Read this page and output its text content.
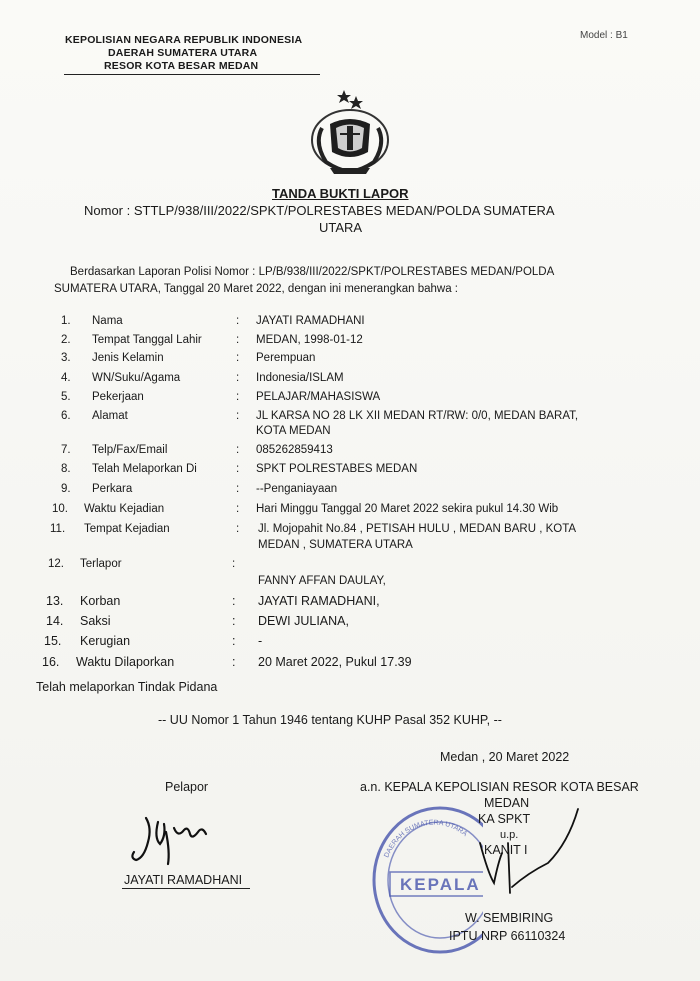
KEPOLISIAN NEGARA REPUBLIK INDONESIA
DAERAH SUMATERA UTARA
RESOR KOTA BESAR MEDAN
Model : B1
TANDA BUKTI LAPOR
Nomor : STTLP/938/III/2022/SPKT/POLRESTABES MEDAN/POLDA SUMATERA
UTARA
Berdasarkan Laporan Polisi Nomor : LP/B/938/III/2022/SPKT/POLRESTABES MEDAN/POLDA
SUMATERA UTARA, Tanggal 20 Maret 2022, dengan ini menerangkan bahwa :
1. Nama	: JAYATI RAMADHANI
2. Tempat Tanggal Lahir	: MEDAN, 1998-01-12
3. Jenis Kelamin	: Perempuan
4. WN/Suku/Agama	: Indonesia/ISLAM
5. Pekerjaan	: PELAJAR/MAHASISWA
6. Alamat	: JL KARSA NO 28 LK XII MEDAN RT/RW: 0/0, MEDAN BARAT,
KOTA MEDAN
7. Telp/Fax/Email	: 085262859413
8. Telah Melaporkan Di	: SPKT POLRESTABES MEDAN
9. Perkara	: --Penganiayaan
10. Waktu Kejadian	: Hari Minggu Tanggal 20 Maret 2022 sekira pukul 14.30 Wib
11. Tempat Kejadian	: Jl. Mojopahit No.84 , PETISAH HULU , MEDAN BARU , KOTA
MEDAN , SUMATERA UTARA
12. Terlapor	:
FANNY AFFAN DAULAY,
13. Korban	: JAYATI RAMADHANI,
14. Saksi	: DEWI JULIANA,
15. Kerugian	: -
16. Waktu Dilaporkan	: 20 Maret 2022, Pukul 17.39
Telah melaporkan Tindak Pidana
-- UU Nomor 1 Tahun 1946 tentang KUHP Pasal 352 KUHP, --
Medan , 20 Maret 2022
Pelapor
JAYATI RAMADHANI
DAERAH SUMATERA UTARA
KEPALA
a.n. KEPALA KEPOLISIAN RESOR KOTA BESAR
MEDAN
KA SPKT
u.p.
KANIT I
W. SEMBIRING
IPTU NRP 66110324
